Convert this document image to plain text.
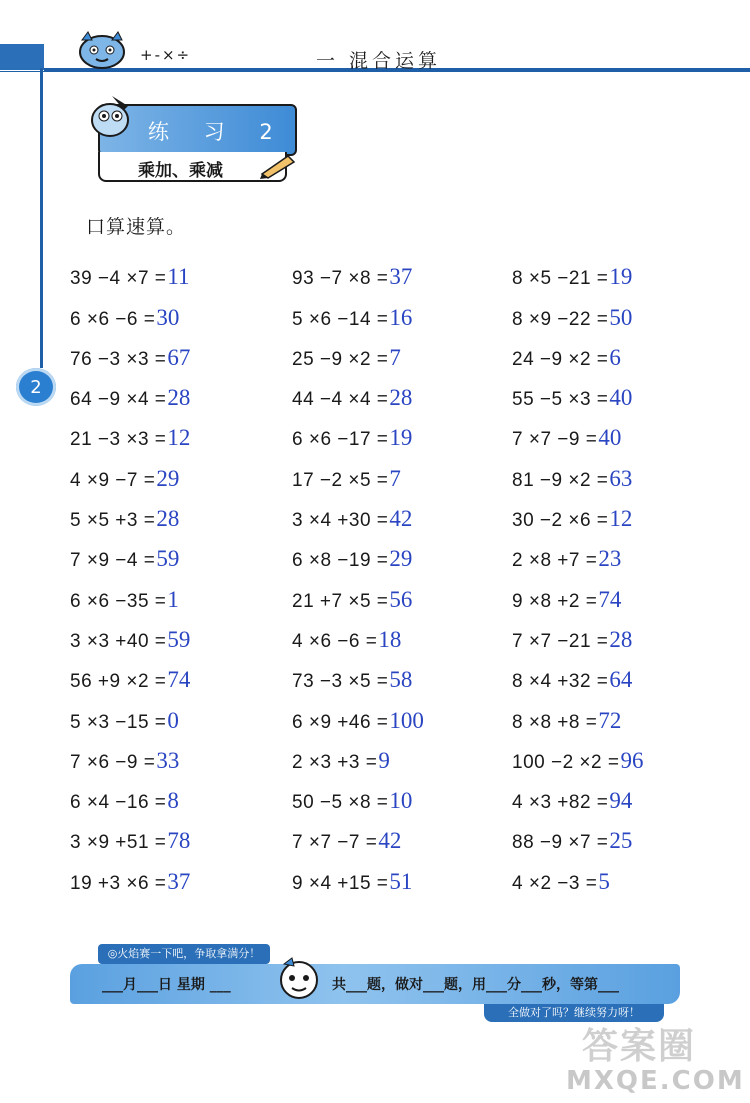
+-×÷	一 混合运算
2
练 习 2
乘加、乘减
口算速算。
39 −4 ×7 = 11
6 ×6 −6 = 30
76 −3 ×3 = 67
64 −9 ×4 = 28
21 −3 ×3 = 12
4 ×9 −7 = 29
5 ×5 +3 = 28
7 ×9 −4 = 59
6 ×6 −35 = 1
3 ×3 +40 = 59
56 +9 ×2 = 74
5 ×3 −15 = 0
7 ×6 −9 = 33
6 ×4 −16 = 8
3 ×9 +51 = 78
19 +3 ×6 = 37
93 −7 ×8 = 37
5 ×6 −14 = 16
25 −9 ×2 = 7
44 −4 ×4 = 28
6 ×6 −17 = 19
17 −2 ×5 = 7
3 ×4 +30 = 42
6 ×8 −19 = 29
21 +7 ×5 = 56
4 ×6 −6 = 18
73 −3 ×5 = 58
6 ×9 +46 = 100
2 ×3 +3 = 9
50 −5 ×8 = 10
7 ×7 −7 = 42
9 ×4 +15 = 51
8 ×5 −21 = 19
8 ×9 −22 = 50
24 −9 ×2 = 6
55 −5 ×3 = 40
7 ×7 −9 = 40
81 −9 ×2 = 63
30 −2 ×6 = 12
2 ×8 +7 = 23
9 ×8 +2 = 74
7 ×7 −21 = 28
8 ×4 +32 = 64
8 ×8 +8 = 72
100 −2 ×2 = 96
4 ×3 +82 = 94
88 −9 ×7 = 25
4 ×2 −3 = 5
◎火焰赛一下吧，争取拿满分！
___月___日 星期 ___	共___题，做对___题，用___分___秒，等第___
全做对了吗？继续努力呀！
答案圈
MXQE.COM
